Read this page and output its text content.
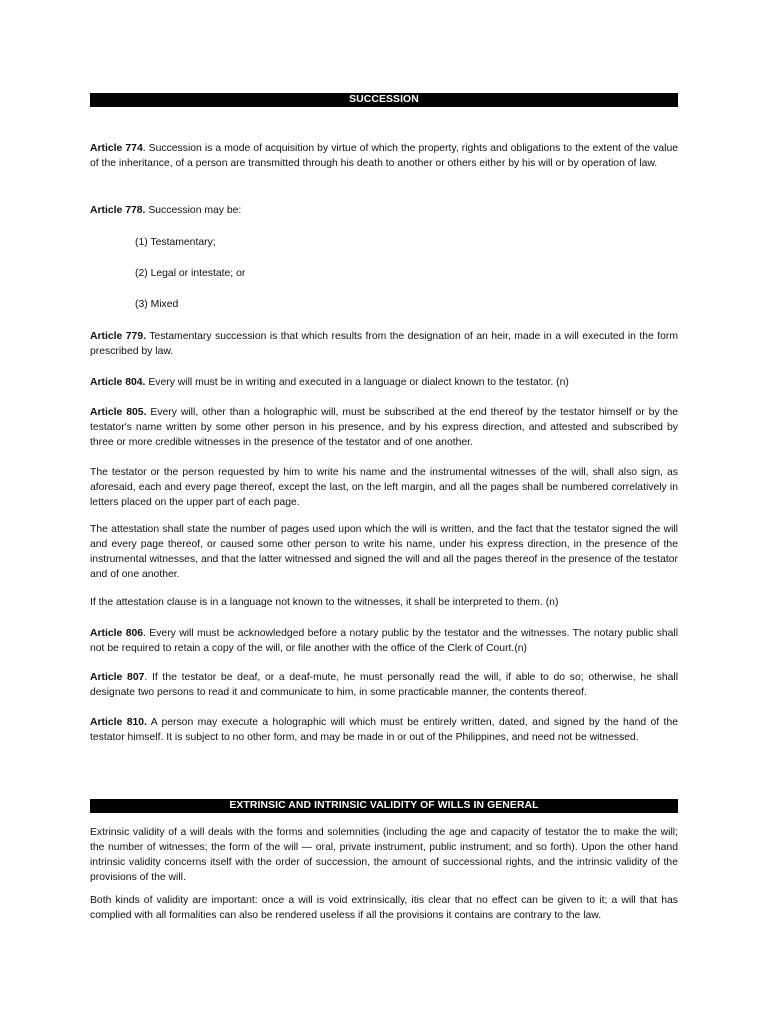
SUCCESSION

Article 774. Succession is a mode of acquisition by virtue of which the property, rights and obligations to the extent of the value of the inheritance, of a person are transmitted through his death to another or others either by his will or by operation of law.

Article 778. Succession may be:

(1) Testamentary;

(2) Legal or intestate; or

(3) Mixed

Article 779. Testamentary succession is that which results from the designation of an heir, made in a will executed in the form prescribed by law.

Article 804. Every will must be in writing and executed in a language or dialect known to the testator. (n)

Article 805. Every will, other than a holographic will, must be subscribed at the end thereof by the testator himself or by the testator's name written by some other person in his presence, and by his express direction, and attested and subscribed by three or more credible witnesses in the presence of the testator and of one another.

The testator or the person requested by him to write his name and the instrumental witnesses of the will, shall also sign, as aforesaid, each and every page thereof, except the last, on the left margin, and all the pages shall be numbered correlatively in letters placed on the upper part of each page.

The attestation shall state the number of pages used upon which the will is written, and the fact that the testator signed the will and every page thereof, or caused some other person to write his name, under his express direction, in the presence of the instrumental witnesses, and that the latter witnessed and signed the will and all the pages thereof in the presence of the testator and of one another.

If the attestation clause is in a language not known to the witnesses, it shall be interpreted to them. (n)

Article 806. Every will must be acknowledged before a notary public by the testator and the witnesses. The notary public shall not be required to retain a copy of the will, or file another with the office of the Clerk of Court.(n)

Article 807. If the testator be deaf, or a deaf-mute, he must personally read the will, if able to do so; otherwise, he shall designate two persons to read it and communicate to him, in some practicable manner, the contents thereof.

Article 810. A person may execute a holographic will which must be entirely written, dated, and signed by the hand of the testator himself. It is subject to no other form, and may be made in or out of the Philippines, and need not be witnessed.

EXTRINSIC AND INTRINSIC VALIDITY OF WILLS IN GENERAL

Extrinsic validity of a will deals with the forms and solemnities (including the age and capacity of testator the to make the will; the number of witnesses; the form of the will — oral, private instrument, public instrument; and so forth). Upon the other hand intrinsic validity concerns itself with the order of succession, the amount of successional rights, and the intrinsic validity of the provisions of the will.

Both kinds of validity are important: once a will is void extrinsically, itis clear that no effect can be given to it; a will that has complied with all formalities can also be rendered useless if all the provisions it contains are contrary to the law.
